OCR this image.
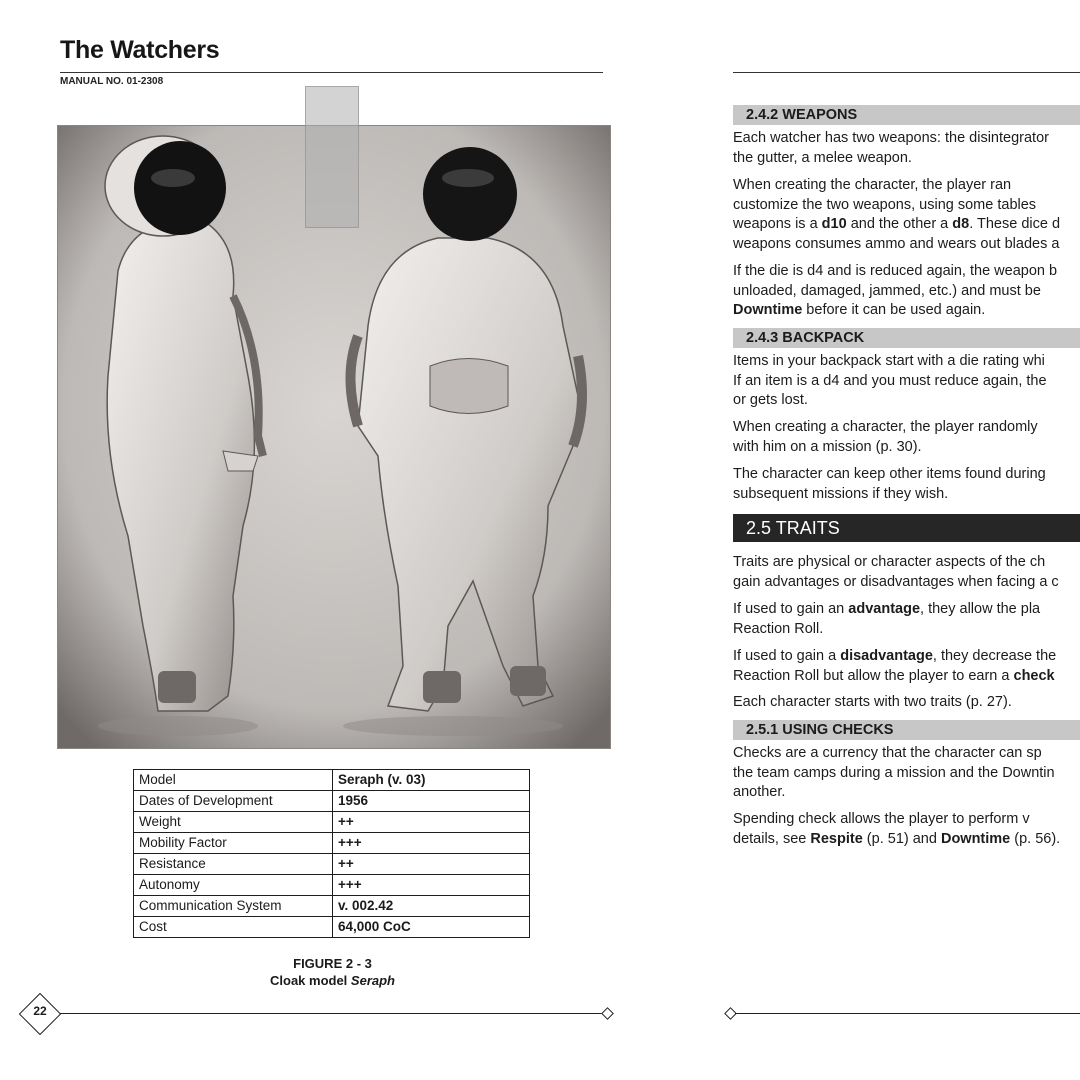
The Watchers
MANUAL NO. 01-2308
Model	Seraph (v. 03)
Dates of Development	1956
Weight	++
Mobility Factor	+++
Resistance	++
Autonomy	+++
Communication System	v. 002.42
Cost	64,000 CoC
FIGURE 2 - 3
Cloak model Seraph
22
2.4.2 WEAPONS

Each watcher has two weapons: the disintegrator

the gutter, a melee weapon.

When creating the character, the player ran

customize the two weapons, using some tables

weapons is a d10 and the other a d8. These dice d

weapons consumes ammo and wears out blades a

If the die is d4 and is reduced again, the weapon b

unloaded, damaged, jammed, etc.) and must be

Downtime before it can be used again.

2.4.3 BACKPACK

Items in your backpack start with a die rating whi

If an item is a d4 and you must reduce again, the

or gets lost.

When creating a character, the player randomly

with him on a mission (p. 30).

The character can keep other items found during

subsequent missions if they wish.

2.5 TRAITS

Traits are physical or character aspects of the ch

gain advantages or disadvantages when facing a c

If used to gain an advantage, they allow the pla

Reaction Roll.

If used to gain a disadvantage, they decrease the

Reaction Roll but allow the player to earn a check

Each character starts with two traits (p. 27).

2.5.1 USING CHECKS

Checks are a currency that the character can sp

the team camps during a mission and the Downtin

another.

Spending check allows the player to perform v

details, see Respite (p. 51) and Downtime (p. 56).
